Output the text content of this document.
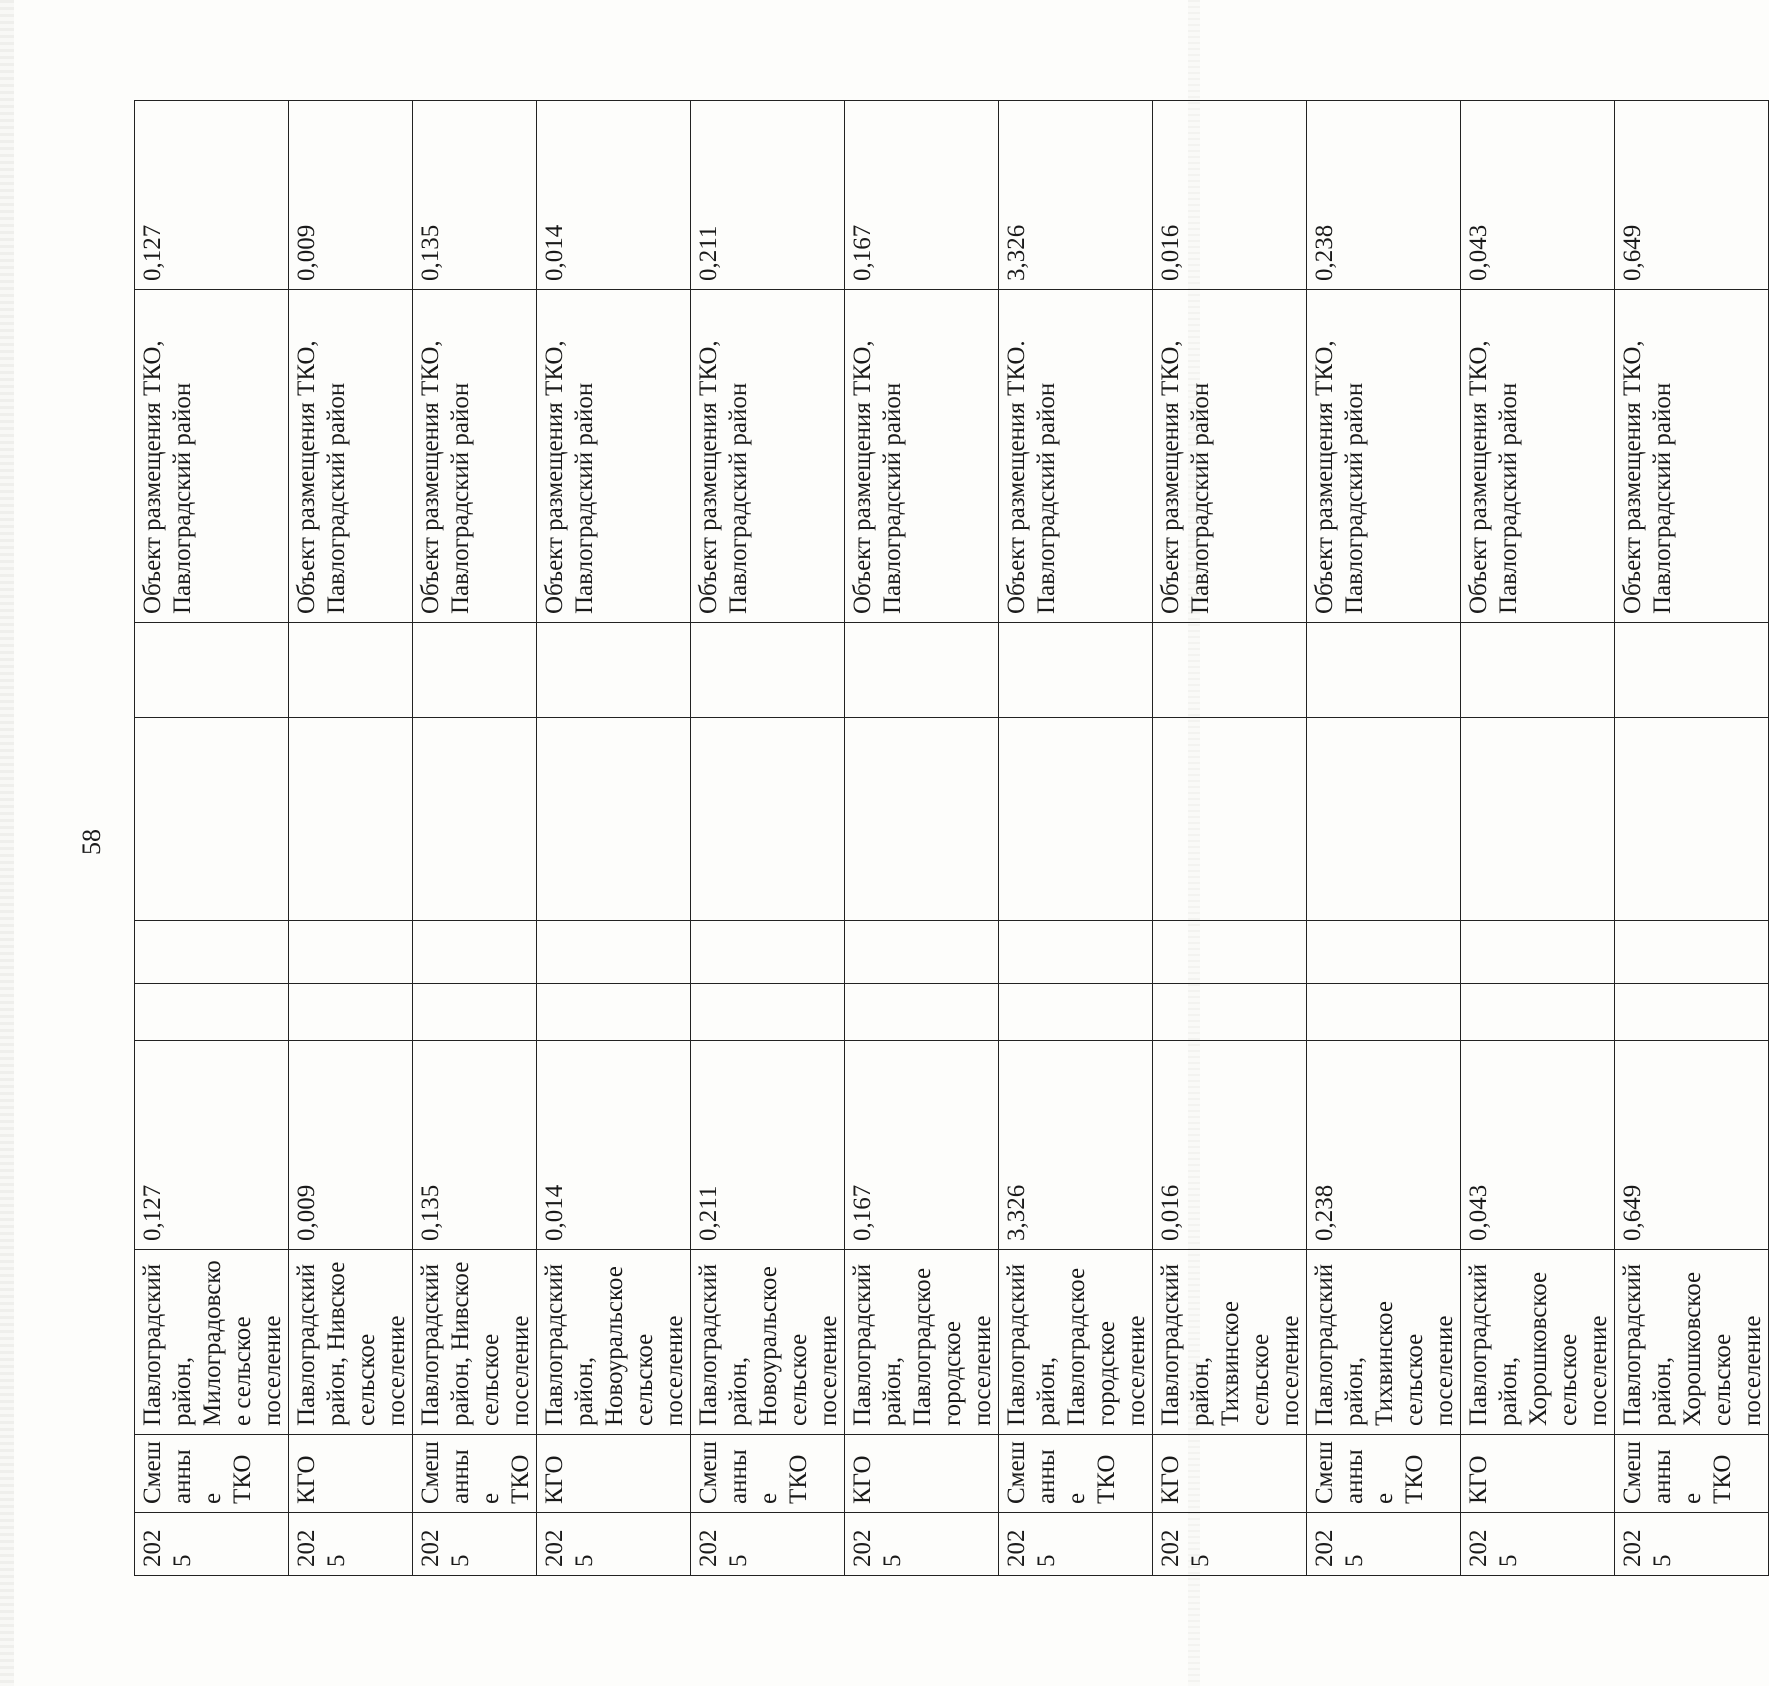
58
2025	Смешанные ТКО	Павлоградский район, Милоградовское сельское поселение	0,127					Объект размещения ТКО, Павлоградский район	0,127
2025	КГО	Павлоградский район, Нивское сельское поселение	0,009					Объект размещения ТКО, Павлоградский район	0,009
2025	Смешанные ТКО	Павлоградский район, Нивское сельское поселение	0,135					Объект размещения ТКО, Павлоградский район	0,135
2025	КГО	Павлоградский район, Новоуральское сельское поселение	0,014					Объект размещения ТКО, Павлоградский район	0,014
2025	Смешанные ТКО	Павлоградский район, Новоуральское сельское поселение	0,211					Объект размещения ТКО, Павлоградский район	0,211
2025	КГО	Павлоградский район, Павлоградское городское поселение	0,167					Объект размещения ТКО, Павлоградский район	0,167
2025	Смешанные ТКО	Павлоградский район, Павлоградское городское поселение	3,326					Объект размещения ТКО. Павлоградский район	3,326
2025	КГО	Павлоградский район, Тихвинское сельское поселение	0,016					Объект размещения ТКО, Павлоградский район	0,016
2025	Смешанные ТКО	Павлоградский район, Тихвинское сельское поселение	0,238					Объект размещения ТКО, Павлоградский район	0,238
2025	КГО	Павлоградский район, Хорошковское сельское поселение	0,043					Объект размещения ТКО, Павлоградский район	0,043
2025	Смешанные ТКО	Павлоградский район, Хорошковское сельское поселение	0,649					Объект размещения ТКО, Павлоградский район	0,649
